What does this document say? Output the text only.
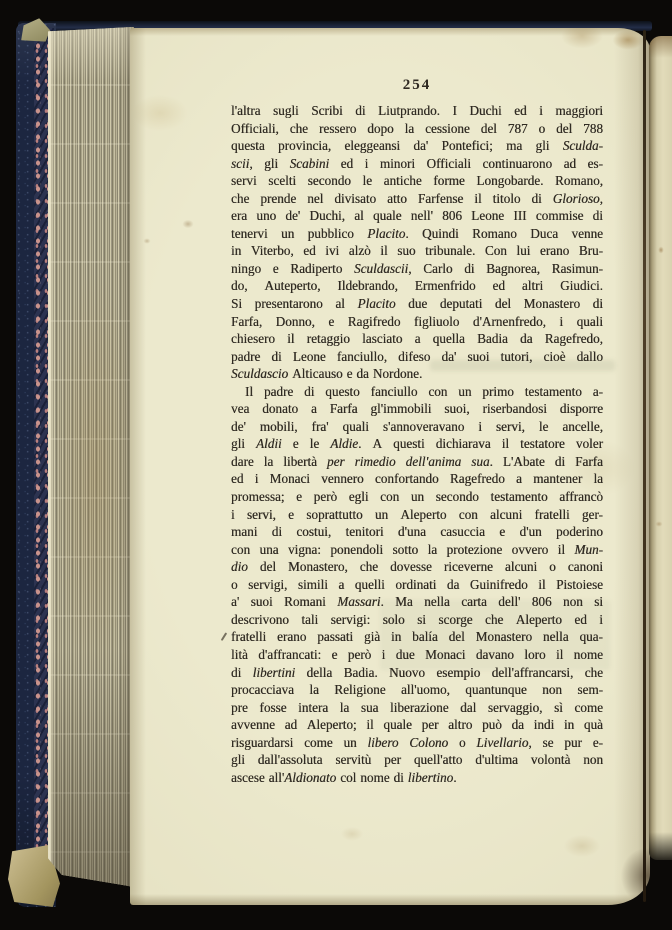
254
l'altra sugli Scribi di Liutprando. I Duchi ed i maggiori
Officiali, che ressero dopo la cessione del 787 o del 788
questa provincia, eleggeansi da' Pontefici; ma gli Sculda-
scii, gli Scabini ed i minori Officiali continuarono ad es-
servi scelti secondo le antiche forme Longobarde. Romano,
che prende nel divisato atto Farfense il titolo di Glorioso,
era uno de' Duchi, al quale nell' 806 Leone III commise di
tenervi un pubblico Placito. Quindi Romano Duca venne
in Viterbo, ed ivi alzò il suo tribunale. Con lui erano Bru-
ningo e Radiperto Sculdascii, Carlo di Bagnorea, Rasimun-
do, Auteperto, Ildebrando, Ermenfrido ed altri Giudici.
Si presentarono al Placito due deputati del Monastero di
Farfa, Donno, e Ragifredo figliuolo d'Arnenfredo, i quali
chiesero il retaggio lasciato a quella Badia da Ragefredo,
padre di Leone fanciullo, difeso da' suoi tutori, cioè dallo
Sculdascio Alticauso e da Nordone.
Il padre di questo fanciullo con un primo testamento a-
vea donato a Farfa gl'immobili suoi, riserbandosi disporre
de' mobili, fra' quali s'annoveravano i servi, le ancelle,
gli Aldii e le Aldie. A questi dichiarava il testatore voler
dare la libertà per rimedio dell'anima sua. L'Abate di Farfa
ed i Monaci vennero confortando Ragefredo a mantener la
promessa; e però egli con un secondo testamento affrancò
i servi, e soprattutto un Aleperto con alcuni fratelli ger-
mani di costui, tenitori d'una casuccia e d'un poderino
con una vigna: ponendoli sotto la protezione ovvero il Mun-
dio del Monastero, che dovesse riceverne alcuni o canoni
o servigi, simili a quelli ordinati da Guinifredo il Pistoiese
a' suoi Romani Massari. Ma nella carta dell' 806 non si
descrivono tali servigi: solo si scorge che Aleperto ed i
fratelli erano passati già in balía del Monastero nella qua-
lità d'affrancati: e però i due Monaci davano loro il nome
di libertini della Badia. Nuovo esempio dell'affrancarsi, che
procacciava la Religione all'uomo, quantunque non sem-
pre fosse intera la sua liberazione dal servaggio, sì come
avvenne ad Aleperto; il quale per altro può da indi in quà
risguardarsi come un libero Colono o Livellario, se pur e-
gli dall'assoluta servitù per quell'atto d'ultima volontà non
ascese all'Aldionato col nome di libertino.
